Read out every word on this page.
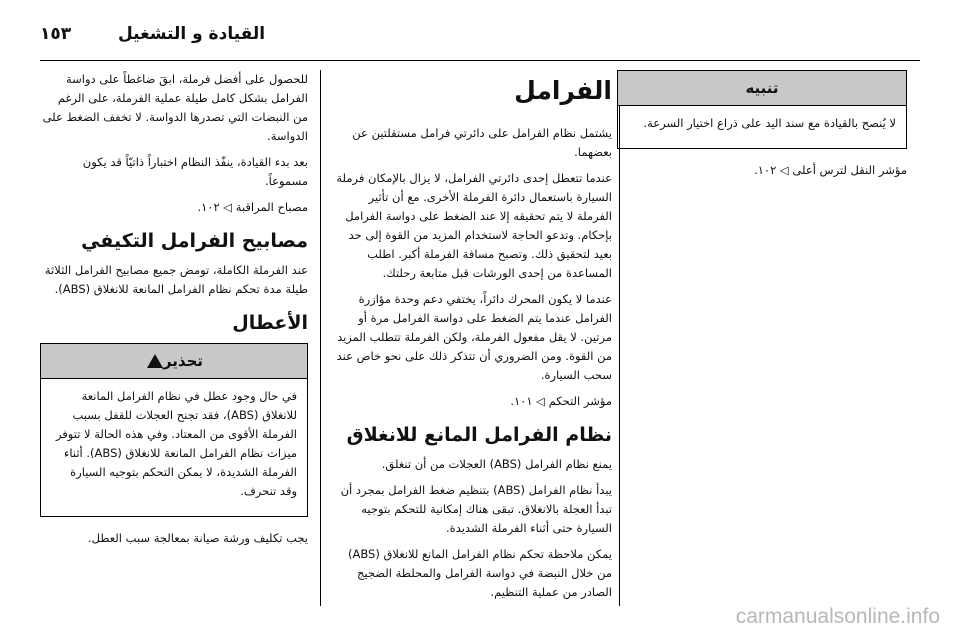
١٥٣	القيادة و التشغيل
تنبيه

لا يُنصح بالقيادة مع سند اليد على ذراع اختيار السرعة.

مؤشر النقل لترس أعلى ◁ ١٠٢.

الفرامل

يشتمل نظام الفرامل على دائرتي فرامل مستقلتين عن بعضهما.

عندما تتعطل إحدى دائرتي الفرامل، لا يزال بالإمكان فرملة السيارة باستعمال دائرة الفرملة الأخرى. مع أن تأثير الفرملة لا يتم تحقيقه إلا عند الضغط على دواسة الفرامل بإحكام. وتدعو الحاجة لاستخدام المزيد من القوة إلى حد بعيد لتحقيق ذلك. وتصبح مسافة الفرملة أكبر. اطلب المساعدة من إحدى الورشات قبل متابعة رحلتك.

عندما لا يكون المحرك دائراً، يختفي دعم وحدة مؤازرة الفرامل عندما يتم الضغط على دواسة الفرامل مرة أو مرتين. لا يقل مفعول الفرملة، ولكن الفرملة تتطلب المزيد من القوة. ومن الضروري أن تتذكر ذلك على نحو خاص عند سحب السيارة.

مؤشر التحكم ◁ ١٠١.

نظام الفرامل المانع للانغلاق

يمنع نظام الفرامل (ABS) العجلات من أن تنغلق.

يبدأ نظام الفرامل (ABS) بتنظيم ضغط الفرامل بمجرد أن تبدأ العجلة بالانغلاق. تبقى هناك إمكانية للتحكم بتوجيه السيارة حتى أثناء الفرملة الشديدة.

يمكن ملاحظة تحكم نظام الفرامل المانع للانغلاق (ABS) من خلال النبضة في دواسة الفرامل والمحلطة الضجيج الصادر من عملية التنظيم.

للحصول على أفضل فرملة، ابقَ ضاغطاً على دواسة الفرامل بشكل كامل طيلة عملية الفرملة، على الرغم من النبضات التي تصدرها الدواسة. لا تخفف الضغط على الدواسة.

بعد بدء القيادة، ينفّذ النظام اختباراً ذاتيّاً قد يكون مسموعاً.

مصباح المراقبة ◁ ١٠٢.

مصابيح الفرامل التكيفي

عند الفرملة الكاملة، تومض جميع مصابيح الفرامل الثلاثة طيلة مدة تحكم نظام الفرامل المانعة للانغلاق (ABS).

الأعطال
تحذير!

في حال وجود عطل في نظام الفرامل المانعة للانغلاق (ABS)، فقد تجنح العجلات للقفل بسبب الفرملة الأقوى من المعتاد. وفي هذه الحالة لا تتوفر ميزات نظام الفرامل المانعة للانغلاق (ABS). أثناء الفرملة الشديدة، لا يمكن التحكم بتوجيه السيارة وقد تنحرف.

يجب تكليف ورشة صيانة بمعالجة سبب العطل.

carmanualsonline.info
